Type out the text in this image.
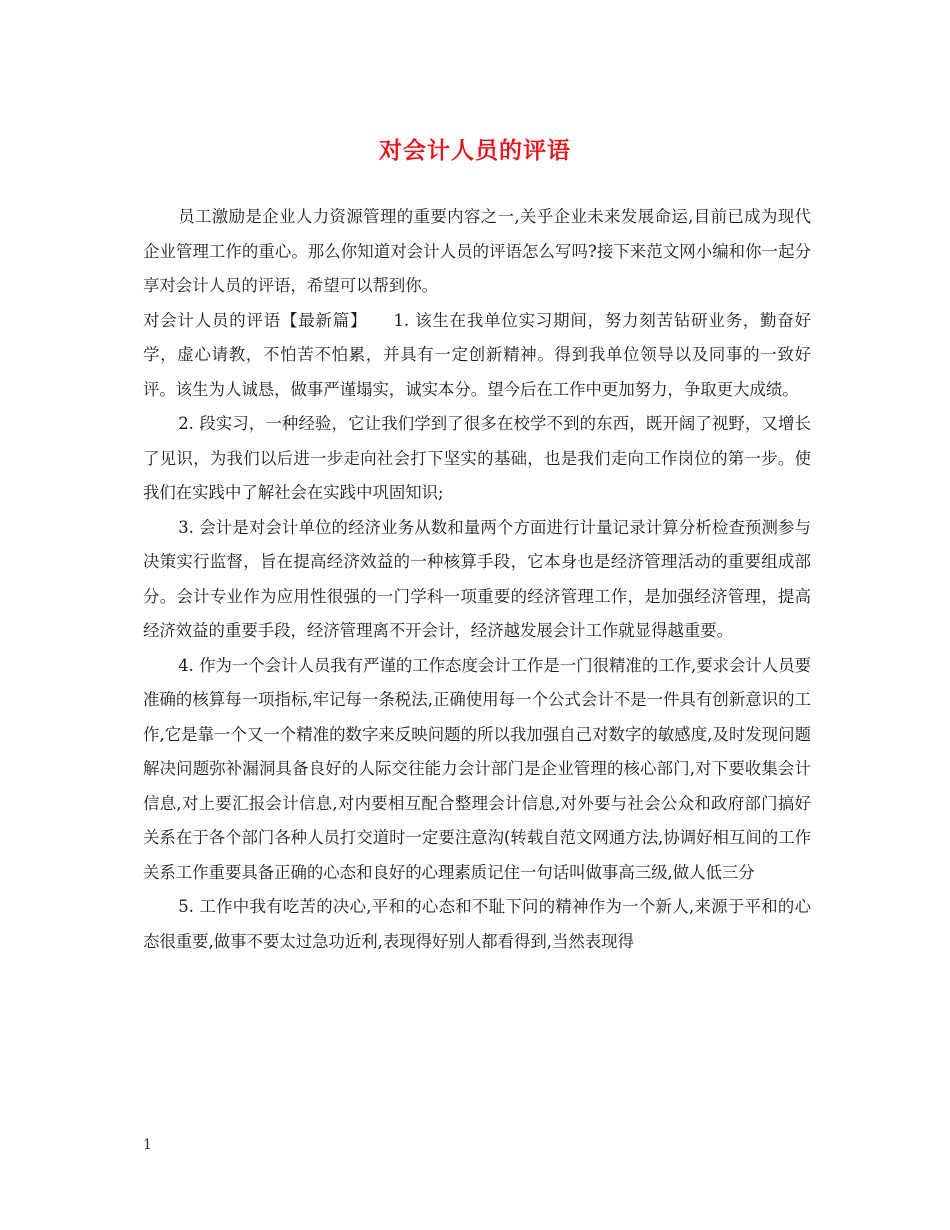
对会计人员的评语

员工激励是企业人力资源管理的重要内容之一,关乎企业未来发展命运,目前已成为现代企业管理工作的重心。那么你知道对会计人员的评语怎么写吗?接下来范文网小编和你一起分享对会计人员的评语，希望可以帮到你。

对会计人员的评语【最新篇】　　1. 该生在我单位实习期间，努力刻苦钻研业务，勤奋好学，虚心请教，不怕苦不怕累，并具有一定创新精神。得到我单位领导以及同事的一致好评。该生为人诚恳，做事严谨塌实，诚实本分。望今后在工作中更加努力，争取更大成绩。

2. 段实习，一种经验，它让我们学到了很多在校学不到的东西，既开阔了视野，又增长了见识，为我们以后进一步走向社会打下坚实的基础，也是我们走向工作岗位的第一步。使我们在实践中了解社会在实践中巩固知识;

3. 会计是对会计单位的经济业务从数和量两个方面进行计量记录计算分析检查预测参与决策实行监督，旨在提高经济效益的一种核算手段，它本身也是经济管理活动的重要组成部分。会计专业作为应用性很强的一门学科一项重要的经济管理工作，是加强经济管理，提高经济效益的重要手段，经济管理离不开会计，经济越发展会计工作就显得越重要。

4. 作为一个会计人员我有严谨的工作态度会计工作是一门很精准的工作,要求会计人员要准确的核算每一项指标,牢记每一条税法,正确使用每一个公式会计不是一件具有创新意识的工作,它是靠一个又一个精准的数字来反映问题的所以我加强自己对数字的敏感度,及时发现问题解决问题弥补漏洞具备良好的人际交往能力会计部门是企业管理的核心部门,对下要收集会计信息,对上要汇报会计信息,对内要相互配合整理会计信息,对外要与社会公众和政府部门搞好关系在于各个部门各种人员打交道时一定要注意沟(转载自范文网通方法,协调好相互间的工作关系工作重要具备正确的心态和良好的心理素质记住一句话叫做事高三级,做人低三分

5. 工作中我有吃苦的决心,平和的心态和不耻下问的精神作为一个新人,来源于平和的心态很重要,做事不要太过急功近利,表现得好别人都看得到,当然表现得

1
